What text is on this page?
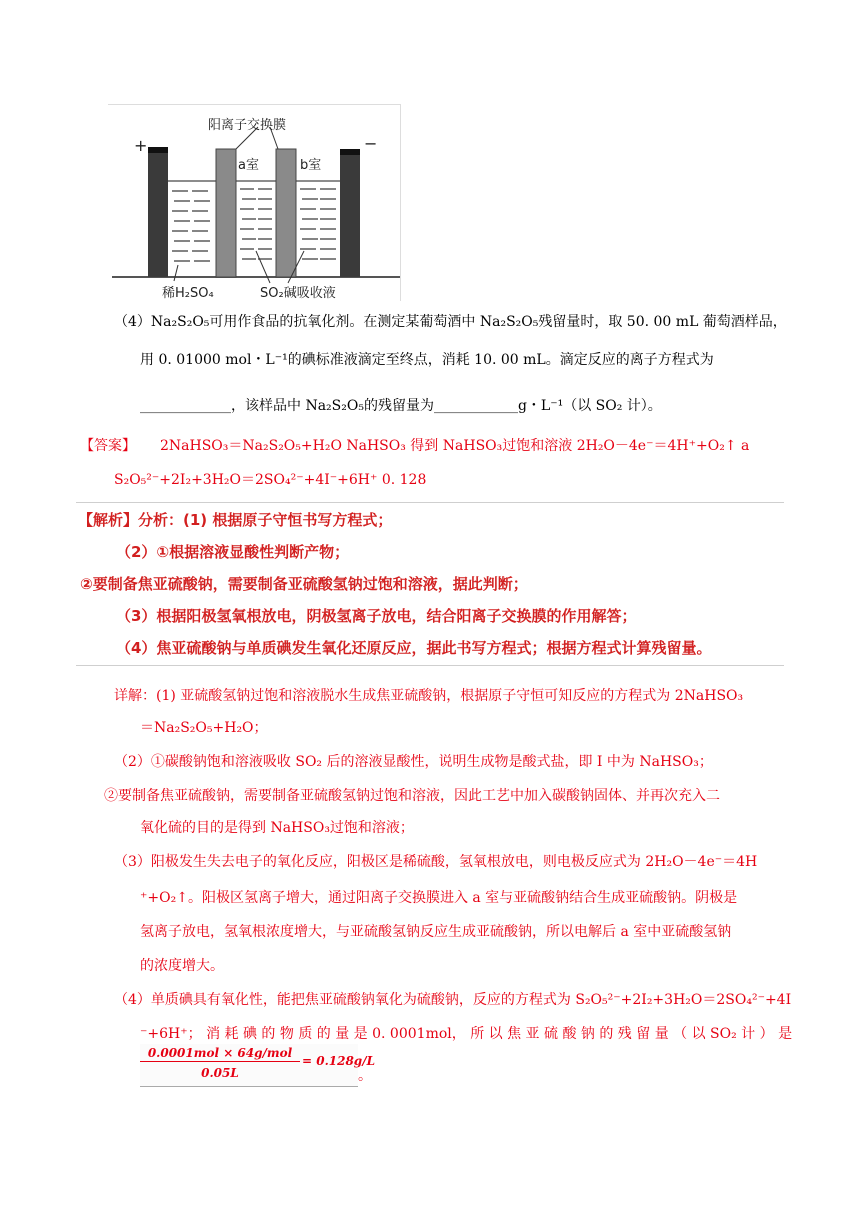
阳离子交换膜
a室	b室
+	−
稀H₂SO₄	SO₂碱吸收液
（4）Na₂S₂O₅可用作食品的抗氧化剂。在测定某葡萄酒中 Na₂S₂O₅残留量时，取 50. 00 mL 葡萄酒样品，
用 0. 01000 mol・L⁻¹的碘标准液滴定至终点，消耗 10. 00 mL。滴定反应的离子方程式为
_____________，该样品中 Na₂S₂O₅的残留量为____________g・L⁻¹（以 SO₂ 计）。
【答案】 2NaHSO₃＝Na₂S₂O₅+H₂O NaHSO₃ 得到 NaHSO₃过饱和溶液 2H₂O－4e⁻＝4H⁺+O₂↑ a
S₂O₅²⁻+2I₂+3H₂O＝2SO₄²⁻+4I⁻+6H⁺ 0. 128
【解析】分析：(1) 根据原子守恒书写方程式；
（2）①根据溶液显酸性判断产物；
②要制备焦亚硫酸钠，需要制备亚硫酸氢钠过饱和溶液，据此判断；
（3）根据阳极氢氧根放电，阴极氢离子放电，结合阳离子交换膜的作用解答；
（4）焦亚硫酸钠与单质碘发生氧化还原反应，据此书写方程式；根据方程式计算残留量。
详解：(1) 亚硫酸氢钠过饱和溶液脱水生成焦亚硫酸钠，根据原子守恒可知反应的方程式为 2NaHSO₃
＝Na₂S₂O₅+H₂O；
（2）①碳酸钠饱和溶液吸收 SO₂ 后的溶液显酸性，说明生成物是酸式盐，即 I 中为 NaHSO₃；
②要制备焦亚硫酸钠，需要制备亚硫酸氢钠过饱和溶液，因此工艺中加入碳酸钠固体、并再次充入二
氧化硫的目的是得到 NaHSO₃过饱和溶液；
（3）阳极发生失去电子的氧化反应，阳极区是稀硫酸，氢氧根放电，则电极反应式为 2H₂O－4e⁻＝4H
⁺+O₂↑。阳极区氢离子增大，通过阳离子交换膜进入 a 室与亚硫酸钠结合生成亚硫酸钠。阴极是
氢离子放电，氢氧根浓度增大，与亚硫酸氢钠反应生成亚硫酸钠，所以电解后 a 室中亚硫酸氢钠
的浓度增大。
（4）单质碘具有氧化性，能把焦亚硫酸钠氧化为硫酸钠，反应的方程式为 S₂O₅²⁻+2I₂+3H₂O＝2SO₄²⁻+4I
⁻+6H⁺； 消 耗 碘 的 物 质 的 量 是 0. 0001mol， 所 以 焦 亚 硫 酸 钠 的 残 留 量 （ 以 SO₂ 计 ） 是
0.0001mol × 64g/mol
0.05L
= 0.128g/L
。
